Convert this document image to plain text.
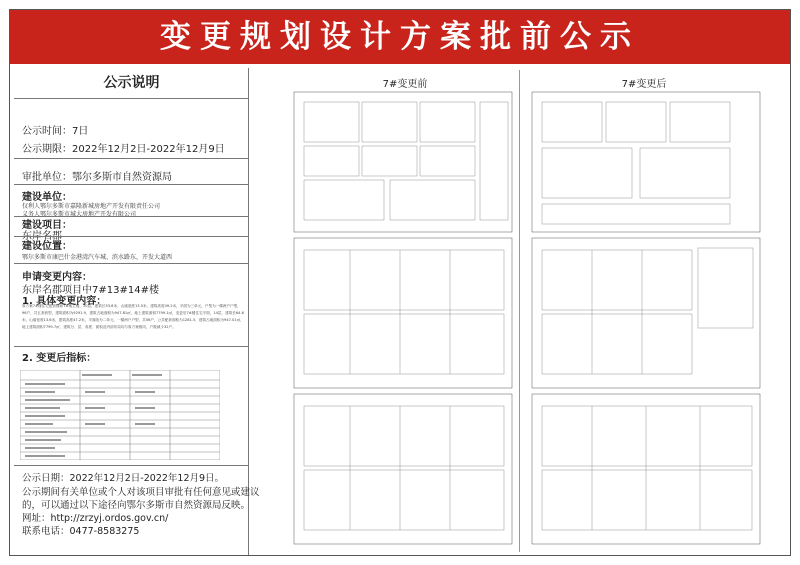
变更规划设计方案批前公示
公示说明
公示时间：7日
公示期限：2022年12月2日-2022年12月9日
审批单位：鄂尔多斯市自然资源局
建设单位：
仅利人鄂尔多斯市嘉隆新城房地产开发有限责任公司
义务人鄂尔多斯市城大房地产开发有限公司
建设项目：
东岸名郡
建设位置：
鄂尔多斯市康巴什金港湾汽车城、滨水路东，开发大道西
申请变更内容：
东岸名郡项目中7#13#14#楼
1. 具体变更内容：
原方案7#楼住宅配套楼和7#楼主楼，10层，建筑长53.6米，山墙宽度13.5米，建筑高度49.2米，平面为三单元，户型为一梯两户户型，96户，共五套套型，建筑面积为9291.9，建筑占地面积为947.81㎡，地上建筑面积7799.1㎡，变更后7#楼住宅平面，14层，建筑长64.6米，山墙宽度13.6米，建筑高度47.2米，平面改为二单元，一梯两户户型，共56户，公共配套面积为1281.5，建筑占地面积为947.01㎡，地上建筑面积7799.7㎡，建筑分、层、高度、面积及内部布局均与原方案相同，户数减少32户。
2. 变更后指标：
公示日期：2022年12月2日-2022年12月9日。
公示期间有关单位或个人对该项目审批有任何意见或建议
的，可以通过以下途径向鄂尔多斯市自然资源局反映。
网址：http://zrzyj.ordos.gov.cn/
联系电话：0477-8583275
7#变更前	7#变更后
